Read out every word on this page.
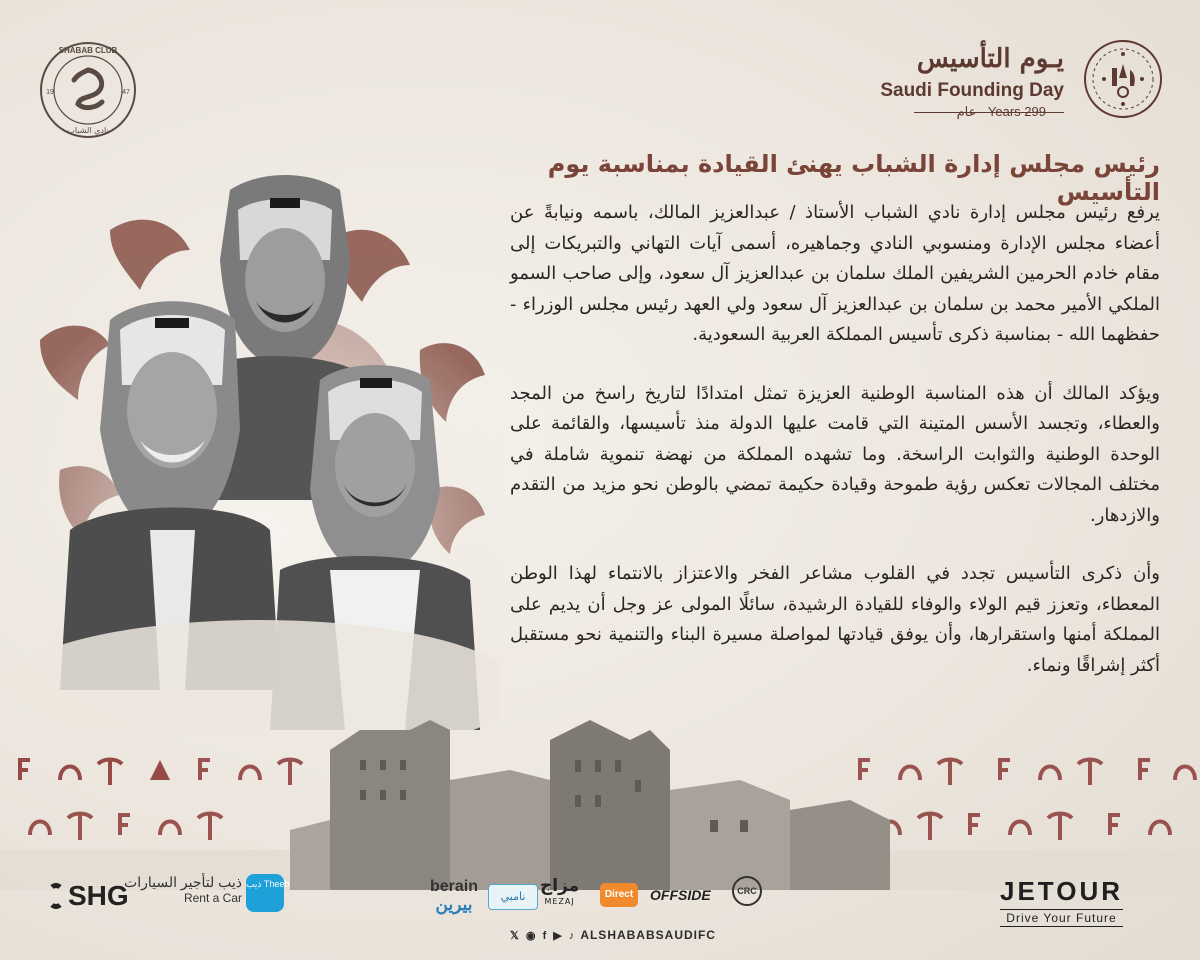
SHABAB CLUB
نادي الشباب
19	47
يـوم التأسيس
Saudi Founding Day
299 Years - عام
رئيس مجلس إدارة الشباب يهنئ القيادة بمناسبة يوم التأسيس

يرفع رئيس مجلس إدارة نادي الشباب الأستاذ / عبدالعزيز المالك، باسمه ونيابةً عن أعضاء مجلس الإدارة ومنسوبي النادي وجماهيره، أسمى آيات التهاني والتبريكات إلى مقام خادم الحرمين الشريفين الملك سلمان بن عبدالعزيز آل سعود، وإلى صاحب السمو الملكي الأمير محمد بن سلمان بن عبدالعزيز آل سعود ولي العهد رئيس مجلس الوزراء - حفظهما الله - بمناسبة ذكرى تأسيس المملكة العربية السعودية.

ويؤكد المالك أن هذه المناسبة الوطنية العزيزة تمثل امتدادًا لتاريخ راسخ من المجد والعطاء، وتجسد الأسس المتينة التي قامت عليها الدولة منذ تأسيسها، والقائمة على الوحدة الوطنية والثوابت الراسخة. وما تشهده المملكة من نهضة تنموية شاملة في مختلف المجالات تعكس رؤية طموحة وقيادة حكيمة تمضي بالوطن نحو مزيد من التقدم والازدهار.

وأن ذكرى التأسيس تجدد في القلوب مشاعر الفخر والاعتزاز بالانتماء لهذا الوطن المعطاء، وتعزز قيم الولاء والوفاء للقيادة الرشيدة، سائلًا المولى عز وجل أن يديم على المملكة أمنها واستقرارها، وأن يوفق قيادتها لمواصلة مسيرة البناء والتنمية نحو مستقبل أكثر إشراقًا ونماء.

SHG
ذيب لتأجير السيارات
Rent a Car
ذيب Theeb	berain
بيرين	نامبي
مزاج
MEZAJ
Direct	OFFSIDE	CRC	JETOUR
Drive Your Future
𝕏 ◉ f ▶ ♪ ALSHABABSAUDIFC
